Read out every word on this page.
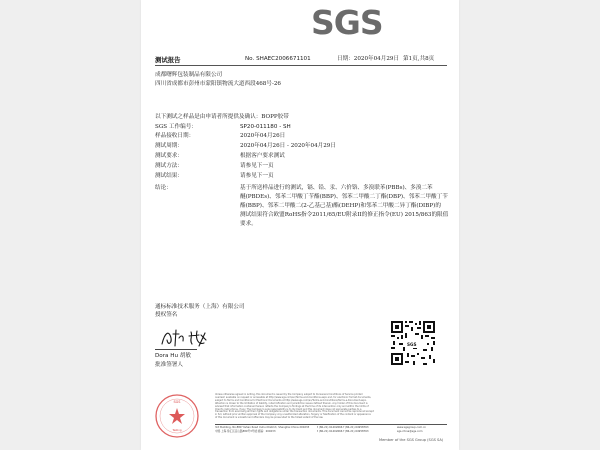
SGS
测试报告	No. SHAEC2006671101	日期：2020年04月29日 第1页,共8页
成都曙辉包装制品有限公司
四川省成都市彭州市蒙阳镇物流大道西段468号-26
以下测试之样品是由申请者所提供及确认：BOPP胶带
SGS 工作编号：	SP20-011180 - SH
样品接收日期：	2020年04月26日
测试周期：	2020年04月26日 - 2020年04月29日
测试要求：	根据客户要求测试
测试方法：	请参见下一页
测试结果：	请参见下一页
结论：	基于所送样品进行的测试，镉、铅、汞、六价铬、多溴联苯(PBBs)、多溴二苯
醚(PBDEs)、邻苯二甲酸丁苄酯(BBP)、邻苯二甲酸二丁酯(DBP)、邻苯二甲酸丁苄
酯(BBP)、邻苯二甲酸二(2-乙基己基)酯(DEHP)和邻苯二甲酸二异丁酯(DIBP)的
测试结果符合欧盟RoHS指令2011/65/EU附录II的修正指令(EU) 2015/863的限值
要求。
通标标准技术服务（上海）有限公司
授权签名
Dora Hu 胡敏
批准签署人
SGS
SGS
Testing
Unless otherwise agreed in writing, this document is issued by the Company subject to its General Conditions of Service printed
overleaf, available on request or accessible at http://www.sgs.com/en/Terms-and-Conditions.aspx and, for electronic format documents,
subject to Terms and Conditions for Electronic Documents at http://www.sgs.com/en/Terms-and-Conditions/Terms-e-Document.aspx.
Attention is drawn to the limitation of liability, indemnification and jurisdiction issues defined therein. Any holder of this document is
advised that information contained hereon reflects the Company's findings at the time of its intervention only and within the limits of
Client's instructions, if any. The Company's sole responsibility is to its Client and this document does not exonerate parties to a
transaction from exercising all their rights and obligations under the transaction documents. This document cannot be reproduced except
in full, without prior written approval of the Company. Any unauthorized alteration, forgery or falsification of the content or appearance
of this document is unlawful and offenders may be prosecuted to the fullest extent of the law.
3rd Building, No.889 Yishan Road Xuhui District, Shanghai China 200233
中国·上海·徐汇区宜山路889号3号楼 邮编：200233
t (86-21) 61402666 f (86-21) 64958763
t (86-21) 61402666 f (86-21) 64958763
www.sgsgroup.com.cn
sgs.china@sgs.com
Member of the SGS Group (SGS SA)
